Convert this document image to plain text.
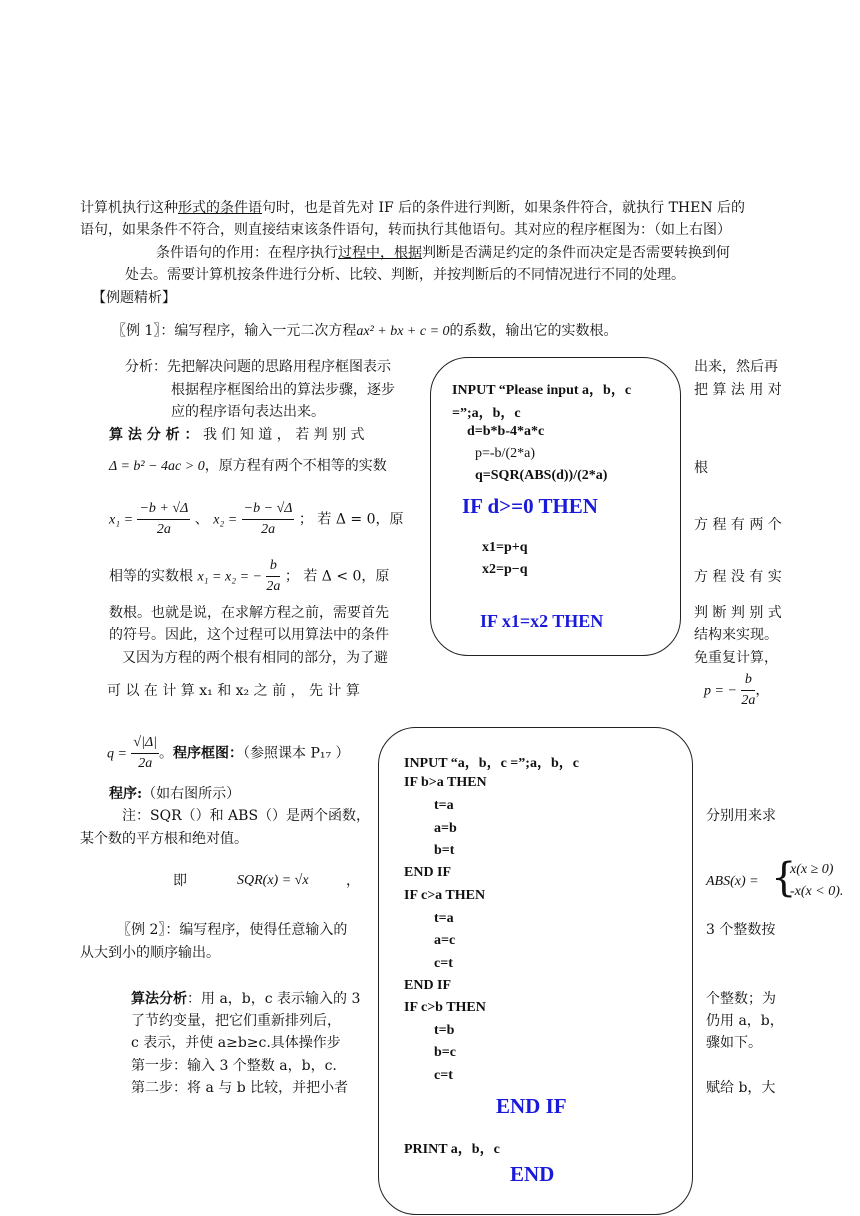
计算机执行这种形式的条件语句时，也是首先对 IF 后的条件进行判断，如果条件符合，就执行 THEN 后的
语句，如果条件不符合，则直接结束该条件语句，转而执行其他语句。其对应的程序框图为：（如上右图）
条件语句的作用：在程序执行过程中，根据判断是否满足约定的条件而决定是否需要转换到何
处去。需要计算机按条件进行分析、比较、判断，并按判断后的不同情况进行不同的处理。
【例题精析】
〖例 1〗：编写程序，输入一元二次方程ax² + bx + c = 0的系数，输出它的实数根。
INPUT “Please input a，b，c
=”;a，b，c
d=b*b-4*a*c
p=-b/(2*a)
q=SQR(ABS(d))/(2*a)
IF d>=0 THEN
x1=p+q
x2=p−q
IF x1=x2 THEN
分析：先把解决问题的思路用程序框图表示
根据程序框图给出的算法步骤，逐步
应的程序语句表达出来。
出来，然后再
把 算 法 用 对
算 法 分 析 ： 我 们 知 道 ， 若 判 别 式
Δ = b² − 4ac > 0，原方程有两个不相等的实数	根
$x_1 = \frac{-b + √\Delta}{2a}$ 、 $x_2 = \frac{-b - √\Delta}{2a}$ ； 若 Δ = 0，原	方 程 有 两 个
相等的实数根 x₁ = x₂ = − $\frac{b}{2a}$ ； 若 Δ < 0，原	方 程 没 有 实
数根。也就是说，在求解方程之前，需要首先	判 断 判 别 式
的符号。因此，这个过程可以用算法中的条件	结构来实现。
又因为方程的两个根有相同的部分，为了避	免重复计算，
可 以 在 计 算 x₁ 和 x₂ 之 前 ， 先 计 算	p = − $\frac{b}{2a}$ ，
$q = \frac{√|\Delta|}{2a}$ 。程序框图：（参照课本 P₁₇ ）
INPUT “a，b，c =”;a，b，c
IF b>a THEN
t=a
a=b
b=t
END IF
IF c>a THEN
t=a
a=c
c=t
END IF
IF c>b THEN
t=b
b=c
c=t
END IF
PRINT a，b，c
END
程序:（如右图所示）
注：SQR（）和 ABS（）是两个函数，	分别用来求
某个数的平方根和绝对值。
即	SQR(x) = √x	，	ABS(x) = {
x(x ≥ 0)
-x(x < 0).
〖例 2〗：编写程序，使得任意输入的	3 个整数按
从大到小的顺序输出。
算法分析：用 a，b，c 表示输入的 3	个整数；为
了节约变量，把它们重新排列后，	仍用 a，b，
c 表示，并使 a≥b≥c.具体操作步	骤如下。
第一步：输入 3 个整数 a，b，c.
第二步：将 a 与 b 比较，并把小者	赋给 b，大
